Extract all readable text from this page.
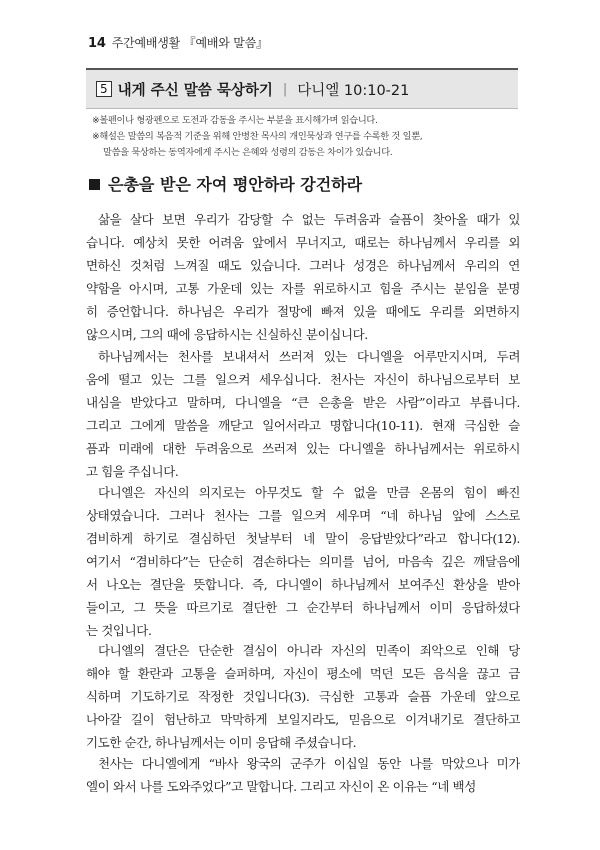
14 주간예배생활 『예배와 말씀』
5 내게 주신 말씀 묵상하기 | 다니엘 10:10-21
※볼펜이나 형광펜으로 도전과 감동을 주시는 부분을 표시해가며 읽습니다.
※해설은 말씀의 복음적 기준을 위해 안병찬 목사의 개인묵상과 연구를 수록한 것 일뿐,
말씀을 묵상하는 동역자에게 주시는 은혜와 성령의 감동은 차이가 있습니다.
은총을 받은 자여 평안하라 강건하라
삶을 살다 보면 우리가 감당할 수 없는 두려움과 슬픔이 찾아올 때가 있
습니다. 예상치 못한 어려움 앞에서 무너지고, 때로는 하나님께서 우리를 외
면하신 것처럼 느껴질 때도 있습니다. 그러나 성경은 하나님께서 우리의 연
약함을 아시며, 고통 가운데 있는 자를 위로하시고 힘을 주시는 분임을 분명
히 증언합니다. 하나님은 우리가 절망에 빠져 있을 때에도 우리를 외면하지
않으시며, 그의 때에 응답하시는 신실하신 분이십니다.
하나님께서는 천사를 보내셔서 쓰러져 있는 다니엘을 어루만지시며, 두려
움에 떨고 있는 그를 일으켜 세우십니다. 천사는 자신이 하나님으로부터 보
내심을 받았다고 말하며, 다니엘을 “큰 은총을 받은 사람”이라고 부릅니다.
그리고 그에게 말씀을 깨닫고 일어서라고 명합니다(10-11). 현재 극심한 슬
픔과 미래에 대한 두려움으로 쓰러져 있는 다니엘을 하나님께서는 위로하시
고 힘을 주십니다.
다니엘은 자신의 의지로는 아무것도 할 수 없을 만큼 온몸의 힘이 빠진
상태였습니다. 그러나 천사는 그를 일으켜 세우며 “네 하나님 앞에 스스로
겸비하게 하기로 결심하던 첫날부터 네 말이 응답받았다”라고 합니다(12).
여기서 “겸비하다”는 단순히 겸손하다는 의미를 넘어, 마음속 깊은 깨달음에
서 나오는 결단을 뜻합니다. 즉, 다니엘이 하나님께서 보여주신 환상을 받아
들이고, 그 뜻을 따르기로 결단한 그 순간부터 하나님께서 이미 응답하셨다
는 것입니다.
다니엘의 결단은 단순한 결심이 아니라 자신의 민족이 죄악으로 인해 당
해야 할 환란과 고통을 슬퍼하며, 자신이 평소에 먹던 모든 음식을 끊고 금
식하며 기도하기로 작정한 것입니다(3). 극심한 고통과 슬픔 가운데 앞으로
나아갈 길이 험난하고 막막하게 보일지라도, 믿음으로 이겨내기로 결단하고
기도한 순간, 하나님께서는 이미 응답해 주셨습니다.
천사는 다니엘에게 “바사 왕국의 군주가 이십일 동안 나를 막았으나 미가
엘이 와서 나를 도와주었다”고 말합니다. 그리고 자신이 온 이유는 “네 백성
